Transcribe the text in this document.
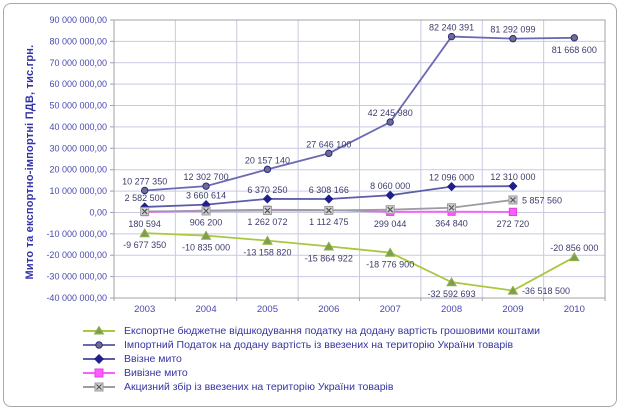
Мито та експортно-імпортні ПДВ, тис.грн.
90 000 000,00
80 000 000,00
70 000 000,00
60 000 000,00
50 000 000,00
40 000 000,00
30 000 000,00
20 000 000,00
10 000 000,00
0,00
-10 000 000,00
-20 000 000,00
-30 000 000,00
-40 000 000,00
2003	2004	2005	2006	2007	2008	2009	2010
-9 677 350 -10 835 000 -13 158 820
-15 864 922
-18 776 900
-32 592 693	-36 518 500
-20 856 000
10 277 350 12 302 700
20 157 140
27 646 100
42 245 980
82 240 391 81 292 099
81 668 600
2 582 500 3 660 614
6 370 250 6 308 166 8 060 000
12 096 000 12 310 000
180 594	906 200	1 262 072 1 112 475	299 044	364 840	272 720
5 857 560
Експортне бюджетне відшкодування податку на додану вартість грошовими коштами
Імпортний Податок на додану вартість із ввезених на територію України товарів
Ввізне мито
Вивізне мито
Акцизний збір із ввезених на територію України товарів
